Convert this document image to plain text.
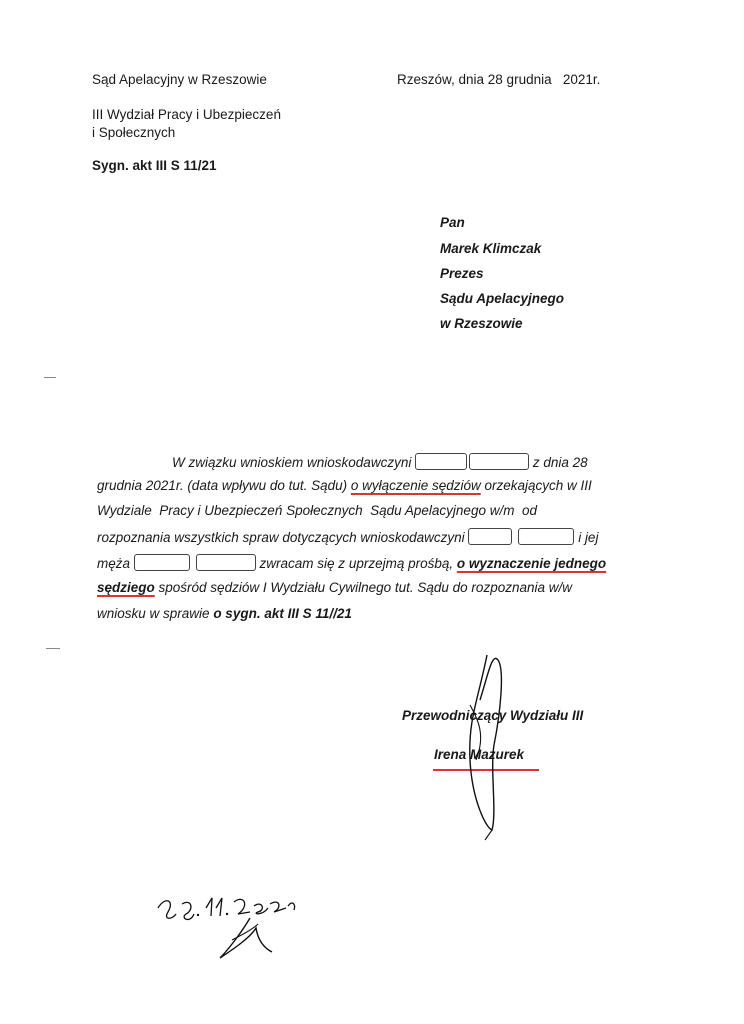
Sąd Apelacyjny w Rzeszowie
III Wydział Pracy i Ubezpieczeń
i Społecznych
Sygn. akt III S 11/21
Rzeszów, dnia 28 grudnia   2021r.
Pan
Marek Klimczak
Prezes
Sądu Apelacyjnego
w Rzeszowie
W związku wnioskiem wnioskodawczyni	z dnia 28
grudnia 2021r. (data wpływu do tut. Sądu) o wyłączenie sędziów orzekających w III
Wydziale  Pracy i Ubezpieczeń Społecznych  Sądu Apelacyjnego w/m  od
rozpoznania wszystkich spraw dotyczących wnioskodawczyni	i jej
męża	zwracam się z uprzejmą prośbą, o wyznaczenie jednego
sędziego spośród sędziów I Wydziału Cywilnego tut. Sądu do rozpoznania w/w
wniosku w sprawie o sygn. akt III S 11//21
Przewodniczący Wydziału III
Irena Mazurek
